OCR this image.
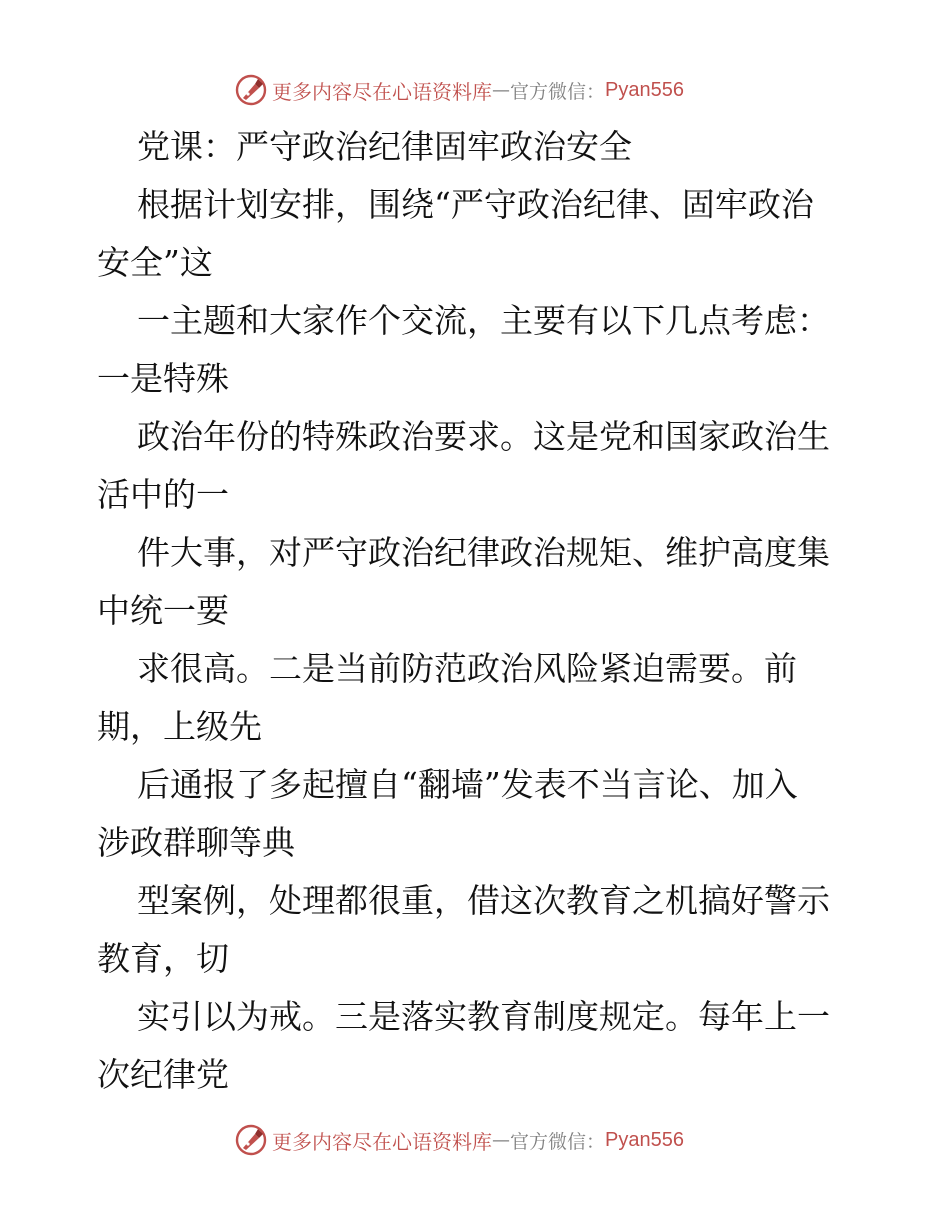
更多内容尽在心语资料库 — 官方微信： Pyan556
党课：严守政治纪律固牢政治安全
根据计划安排，围绕“严守政治纪律、固牢政治
安全”这
一主题和大家作个交流，主要有以下几点考虑：
一是特殊
政治年份的特殊政治要求。这是党和国家政治生
活中的一
件大事，对严守政治纪律政治规矩、维护高度集
中统一要
求很高。二是当前防范政治风险紧迫需要。前
期，上级先
后通报了多起擅自“翻墙”发表不当言论、加入
涉政群聊等典
型案例，处理都很重，借这次教育之机搞好警示
教育，切
实引以为戒。三是落实教育制度规定。每年上一
次纪律党
更多内容尽在心语资料库 — 官方微信： Pyan556
